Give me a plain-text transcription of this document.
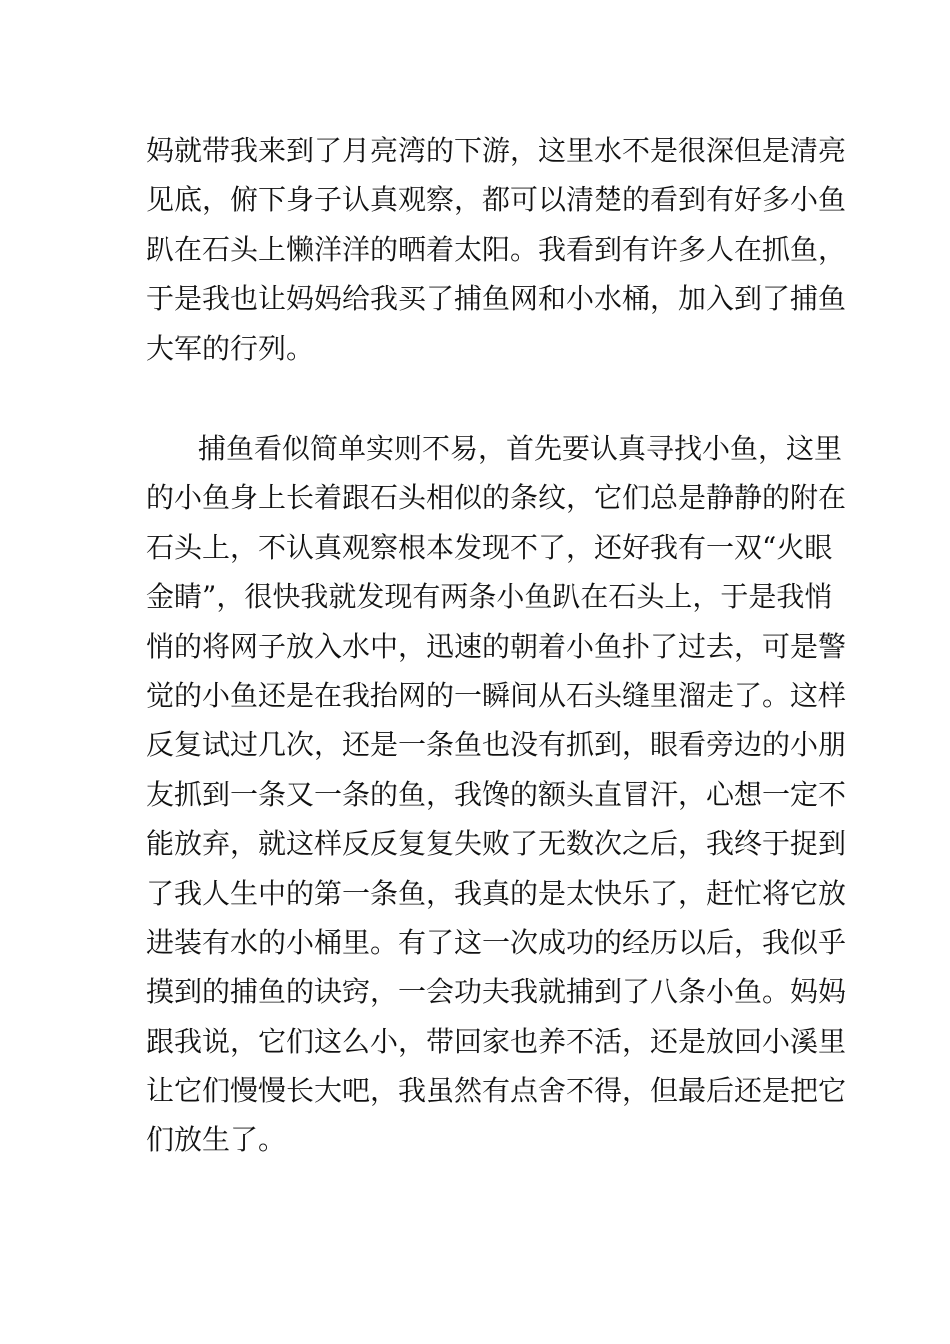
妈就带我来到了月亮湾的下游，这里水不是很深但是清亮
见底，俯下身子认真观察，都可以清楚的看到有好多小鱼
趴在石头上懒洋洋的晒着太阳。我看到有许多人在抓鱼，
于是我也让妈妈给我买了捕鱼网和小水桶，加入到了捕鱼
大军的行列。
捕鱼看似简单实则不易，首先要认真寻找小鱼，这里
的小鱼身上长着跟石头相似的条纹，它们总是静静的附在
石头上，不认真观察根本发现不了，还好我有一双“火眼
金睛”，很快我就发现有两条小鱼趴在石头上，于是我悄
悄的将网子放入水中，迅速的朝着小鱼扑了过去，可是警
觉的小鱼还是在我抬网的一瞬间从石头缝里溜走了。这样
反复试过几次，还是一条鱼也没有抓到，眼看旁边的小朋
友抓到一条又一条的鱼，我馋的额头直冒汗，心想一定不
能放弃，就这样反反复复失败了无数次之后，我终于捉到
了我人生中的第一条鱼，我真的是太快乐了，赶忙将它放
进装有水的小桶里。有了这一次成功的经历以后，我似乎
摸到的捕鱼的诀窍，一会功夫我就捕到了八条小鱼。妈妈
跟我说，它们这么小，带回家也养不活，还是放回小溪里
让它们慢慢长大吧，我虽然有点舍不得，但最后还是把它
们放生了。
